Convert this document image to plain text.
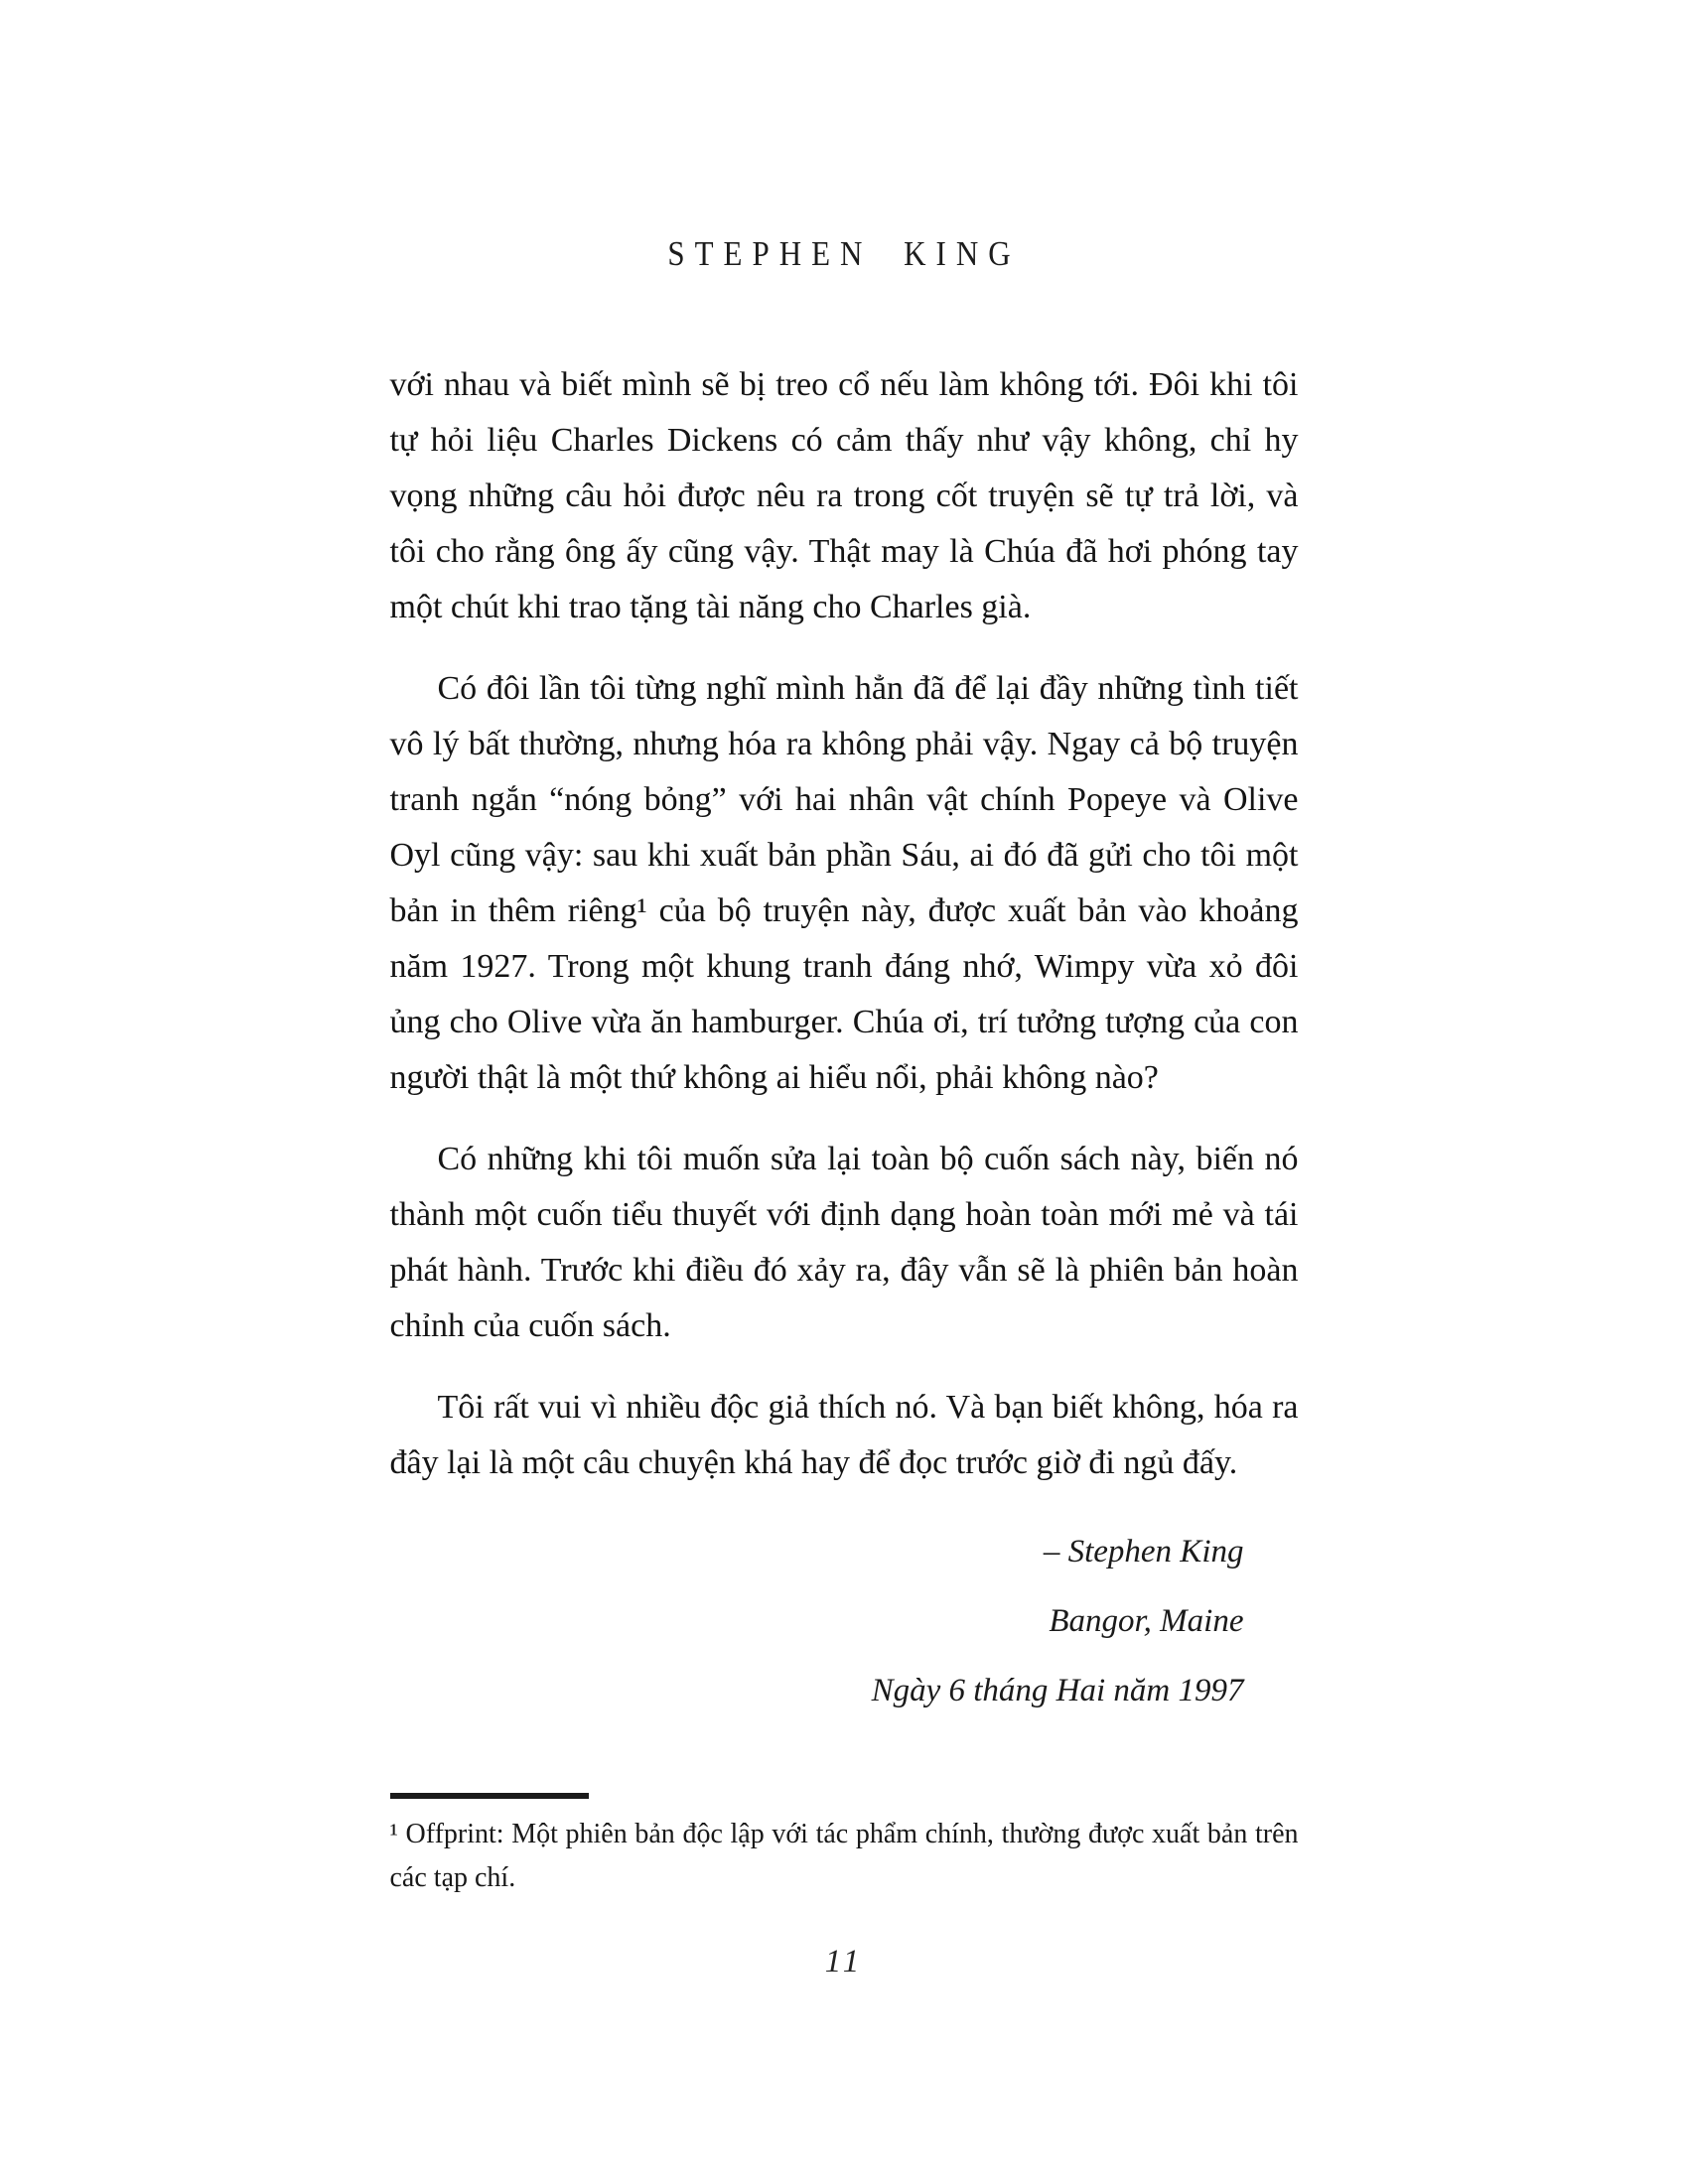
STEPHEN KING

với nhau và biết mình sẽ bị treo cổ nếu làm không tới. Đôi khi tôi tự hỏi liệu Charles Dickens có cảm thấy như vậy không, chỉ hy vọng những câu hỏi được nêu ra trong cốt truyện sẽ tự trả lời, và tôi cho rằng ông ấy cũng vậy. Thật may là Chúa đã hơi phóng tay một chút khi trao tặng tài năng cho Charles già.

Có đôi lần tôi từng nghĩ mình hẳn đã để lại đầy những tình tiết vô lý bất thường, nhưng hóa ra không phải vậy. Ngay cả bộ truyện tranh ngắn “nóng bỏng” với hai nhân vật chính Popeye và Olive Oyl cũng vậy: sau khi xuất bản phần Sáu, ai đó đã gửi cho tôi một bản in thêm riêng¹ của bộ truyện này, được xuất bản vào khoảng năm 1927. Trong một khung tranh đáng nhớ, Wimpy vừa xỏ đôi ủng cho Olive vừa ăn hamburger. Chúa ơi, trí tưởng tượng của con người thật là một thứ không ai hiểu nổi, phải không nào?

Có những khi tôi muốn sửa lại toàn bộ cuốn sách này, biến nó thành một cuốn tiểu thuyết với định dạng hoàn toàn mới mẻ và tái phát hành. Trước khi điều đó xảy ra, đây vẫn sẽ là phiên bản hoàn chỉnh của cuốn sách.

Tôi rất vui vì nhiều độc giả thích nó. Và bạn biết không, hóa ra đây lại là một câu chuyện khá hay để đọc trước giờ đi ngủ đấy.

– Stephen King

Bangor, Maine

Ngày 6 tháng Hai năm 1997

¹ Offprint: Một phiên bản độc lập với tác phẩm chính, thường được xuất bản trên các tạp chí.

11
